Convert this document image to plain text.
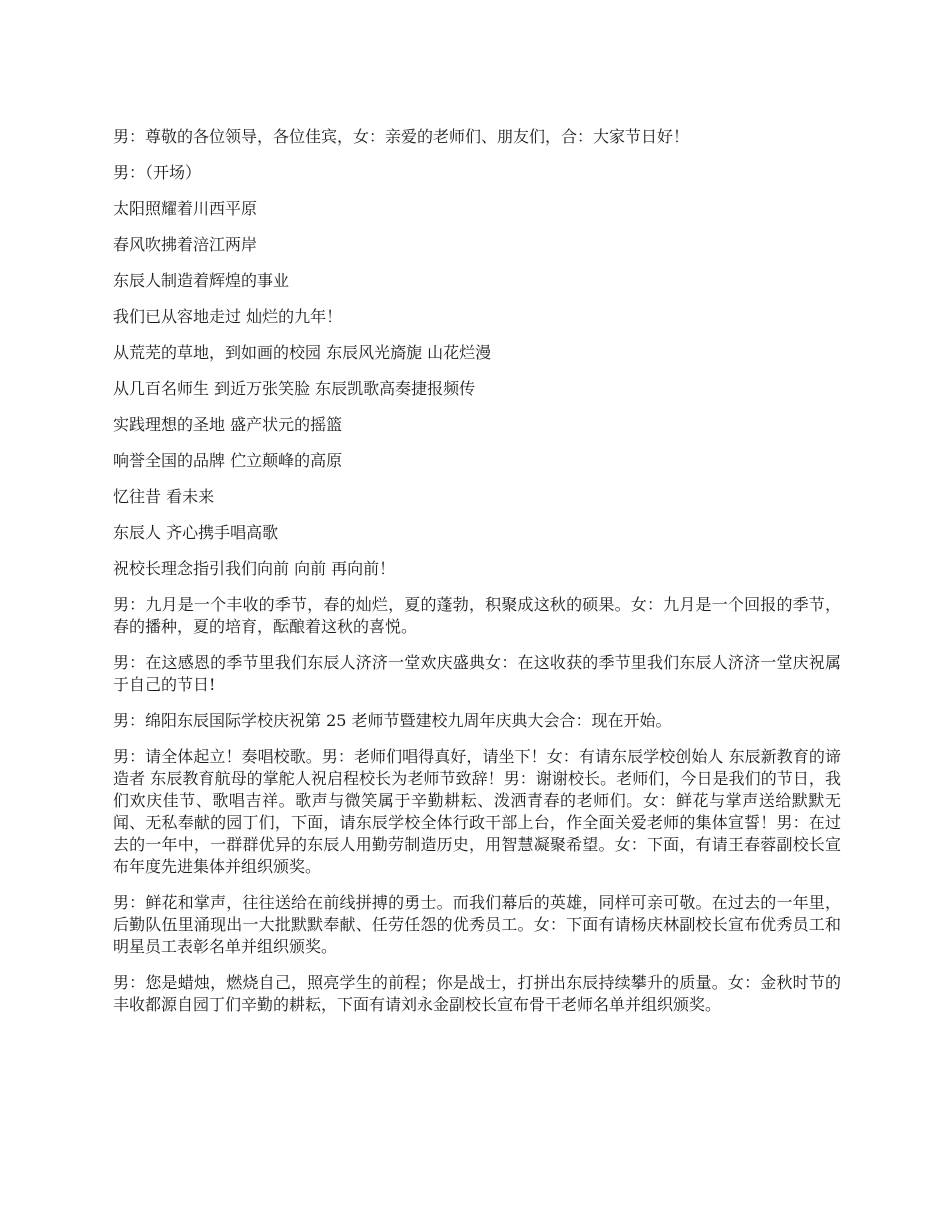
男：尊敬的各位领导，各位佳宾，女：亲爱的老师们、朋友们，合：大家节日好！

男：（开场）

太阳照耀着川西平原

春风吹拂着涪江两岸

东辰人制造着辉煌的事业

我们已从容地走过 灿烂的九年！

从荒芜的草地，到如画的校园 东辰风光旖旎 山花烂漫

从几百名师生 到近万张笑脸 东辰凯歌高奏捷报频传

实践理想的圣地 盛产状元的摇篮

响誉全国的品牌 伫立颠峰的高原

忆往昔 看未来

东辰人 齐心携手唱高歌

祝校长理念指引我们向前 向前 再向前！

男：九月是一个丰收的季节，春的灿烂，夏的蓬勃，积聚成这秋的硕果。女：九月是一个回报的季节，春的播种，夏的培育，酝酿着这秋的喜悦。

男：在这感恩的季节里我们东辰人济济一堂欢庆盛典女：在这收获的季节里我们东辰人济济一堂庆祝属于自己的节日!

男：绵阳东辰国际学校庆祝第 25 老师节暨建校九周年庆典大会合：现在开始。

男：请全体起立！奏唱校歌。男：老师们唱得真好，请坐下！女：有请东辰学校创始人 东辰新教育的谛造者 东辰教育航母的掌舵人祝启程校长为老师节致辞！男：谢谢校长。老师们，今日是我们的节日，我们欢庆佳节、歌唱吉祥。歌声与微笑属于辛勤耕耘、泼洒青春的老师们。女：鲜花与掌声送给默默无闻、无私奉献的园丁们，下面，请东辰学校全体行政干部上台，作全面关爱老师的集体宣誓！男：在过去的一年中，一群群优异的东辰人用勤劳制造历史，用智慧凝聚希望。女：下面，有请王春蓉副校长宣布年度先进集体并组织颁奖。

男：鲜花和掌声，往往送给在前线拼搏的勇士。而我们幕后的英雄，同样可亲可敬。在过去的一年里，后勤队伍里涌现出一大批默默奉献、任劳任怨的优秀员工。女：下面有请杨庆林副校长宣布优秀员工和明星员工表彰名单并组织颁奖。

男：您是蜡烛，燃烧自己，照亮学生的前程；你是战士，打拼出东辰持续攀升的质量。女：金秋时节的丰收都源自园丁们辛勤的耕耘，下面有请刘永金副校长宣布骨干老师名单并组织颁奖。
